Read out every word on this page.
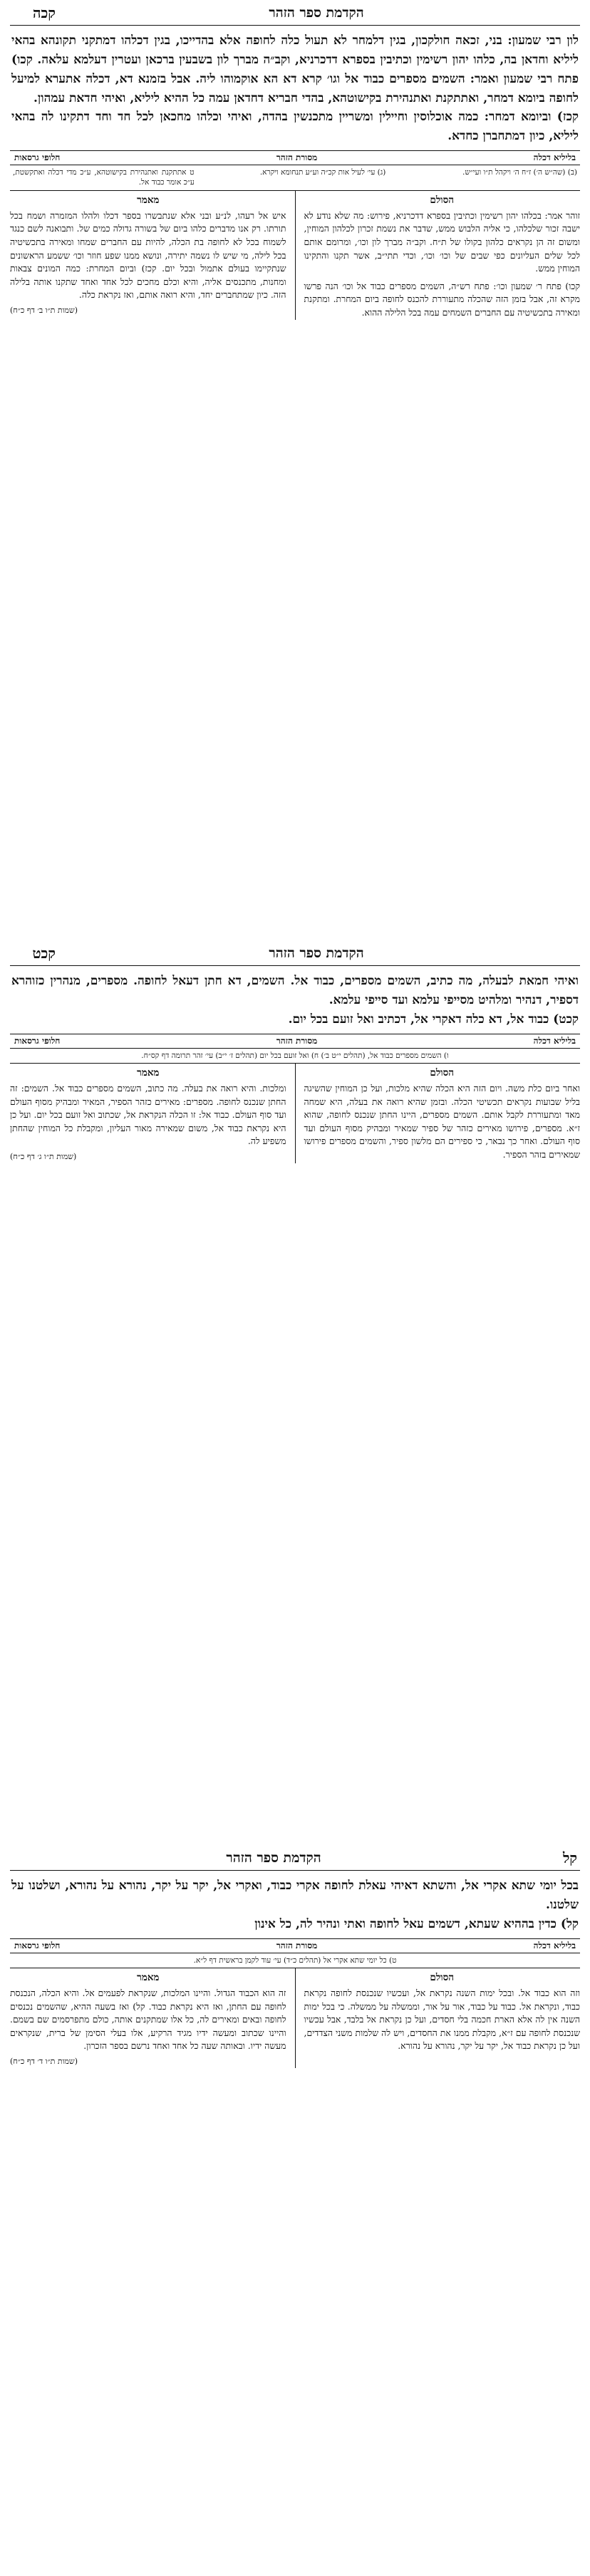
הקדמת ספר הזהר
קכה
לון רבי שמעון: בני, זכאה חולקכון, בגין דלמחר לא תעול כלה לחופה אלא בהדייכו, בגין דכלהו דמתקני תקונהא בהאי ליליא וחדאן בה, כלהו יהון רשימין וכתיבין בספרא דדכרניא, וקב״ה מברך לון בשבעין ברכאן ועטרין דעלמא עלאה. קכו) פתח רבי שמעון ואמר: השמים מספרים כבוד אל וגו׳ קרא דא הא אוקמוהו ליה. אבל בזמנא דא, דכלה אתערא למיעל לחופה ביומא דמחר, ואתתקנת ואתנהירת בקישוטהא, בהדי חבריא דחדאן עמה כל ההיא ליליא, ואיהי חדאת עמהון.
קכז) וביומא דמחר: כמה אוכלוסין וחיילין ומשריין מתכנשין בהדה, ואיהי וכלהו מחכאן לכל חד וחד דתקינו לה בהאי ליליא, כיון דמתחברן כחדא.
בליליא דכלה
מסורת הזהר
חלופי גרסאות
(ב) (שה״ש ה׳) ז״ח ה׳ ויקהל ת״ו ועי״ש.
(ג) עי׳ לעיל אות קכ״ה וע״ע תנחומא ויקרא.
ט אתתקנת ואתנהירת בקישוטהא, ע״כ מדי דכלה ואתקשטת, ע״כ אומר כבוד אל.
הסולם
זוהר אמר: בכלהו יהון רשימין וכתיבין בספרא דדכרניא, פירוש: מה שלא נודע לא ישבה זכור שלכלהו, כי אליה הלבוש ממש, שדבר את נשמת זכרון לכלהון המוחין, ומשום זה הן נקראים כלהון בקולו של ת״ח. וקב״ה מברך לון וכו׳, ומרומם אותם לכל שלים העליונים כפי שבים של וכו׳ וכו׳, וכדי תתי״ב, אשר תקנו והתקינו המוחין ממש.
קכו) פתח ר׳ שמעון וכו׳: פתח רש״ה, השמים מספרים כבוד אל וכו׳ הנה פרשו מקרא זה, אבל בזמן הזה שהכלה מתעוררת להכנס לחופה ביום המחרת. ומתקנת ומאירה בתכשיטיה עם החברים השמחים עמה בכל הלילה ההוא.
מאמר
איש אל רעהו, לנ״ע ובני אלא שנתבשרו בספר דכלו ולהלו המזמרה ושמח בכל תורתו. רק אנו מדברים כלהו ביום של בשורה גדולה כמים של. ותבואנה לשם כנגד לשמוח בכל לא לחופה בת הכלה, להיות עם החברים שמחו ומאירה בתכשיטיה בכל לילה, מי שיש לו נשמה יתירה, ונושא ממנו שפע חוזר וכו׳ ששמע הראשונים שנתקיימו בעולם אתמול ובכל יום. קכז) וביום המחרת: כמה המונים צבאות ומחנות, מתכנסים אליה, והיא וכלם מחכים לכל אחד ואחד שתקנו אותה בלילה הזה. כיון שמתחברים יחד, והיא רואה אותם, ואז נקראת כלה.
(שמות ת״ו ב׳ דף כ״ח)
הקדמת ספר הזהר
קכט
ואיהי חמאת לבעלה, מה כתיב, השמים מספרים, כבוד אל. השמים, דא חתן דעאל לחופה. מספרים, מנהרין כזוהרא דספיר, דנהיר ומלהיט מסייפי עלמא ועד סייפי עלמא.
קכט) כבוד אל, דא כלה דאקרי אל, דכתיב ואל זועם בכל יום.
בליליא דכלה
מסורת הזהר
חלופי גרסאות
ו) השמים מספרים כבוד אל, (תהלים י״ט ב׳) ח) ואל זועם בכל יום (תהלים ז׳ י״ב) עי׳ זהר תרומה דף קס״ח.
הסולם
ואחר ביום כלת משה. ויום הזה היא הכלה שהיא מלכות, ועל כן המוחין שהשיגה בליל שבועות נקראים תכשיטי הכלה. ובזמן שהיא רואה את בעלה, היא שמחה מאד ומתעוררת לקבל אותם. השמים מספרים, היינו החתן שנכנס לחופה, שהוא ז״א. מספרים, פירושו מאירים כזהר של ספיר שמאיר ומבהיק מסוף העולם ועד סוף העולם. ואחר כך נבאר, כי ספירים הם מלשון ספיר, והשמים מספרים פירושו שמאירים בזהר הספיר.
מאמר
ומלכות. והיא רואה את בעלה. מה כתוב, השמים מספרים כבוד אל. השמים: זה החתן שנכנס לחופה. מספרים: מאירים כזהר הספיר, המאיר ומבהיק מסוף העולם ועד סוף העולם. כבוד אל: זו הכלה הנקראת אל, שכתוב ואל זועם בכל יום. ועל כן היא נקראת כבוד אל, משום שמאירה מאור העליון, ומקבלת כל המוחין שהחתן משפיע לה.
(שמות ת״ו ג׳ דף כ״ח)
קל
הקדמת ספר הזהר
בכל יומי שתא אקרי אל, והשתא דאיהי עאלת לחופה אקרי כבוד, ואקרי אל, יקר על יקר, נהורא על נהורא, ושלטנו על שלטנו.
קל) כדין בההיא שעתא, דשמים עאל לחופה ואתי ונהיר לה, כל אינון
בליליא דכלה
מסורת הזהר
חלופי גרסאות
ט) כל יומי שתא אקרי אל (תהלים כ״ד) עי׳ עוד לקמן בראשית דף ל״א.
הסולם
וזה הוא כבוד אל. ובכל ימות השנה נקראת אל, ועכשיו שנכנסת לחופה נקראת כבוד, ונקראת אל. כבוד על כבוד, אור על אור, וממשלה על ממשלה. כי בכל ימות השנה אין לה אלא הארת חכמה בלי חסדים, ועל כן נקראת אל בלבד, אבל עכשיו שנכנסת לחופה עם ז״א, מקבלת ממנו את החסדים, ויש לה שלמות משני הצדדים, ועל כן נקראת כבוד אל, יקר על יקר, נהורא על נהורא.
מאמר
זה הוא הכבוד הגדול. והיינו המלכות, שנקראת לפעמים אל. והיא הכלה, הנכנסת לחופה עם החתן, ואז היא נקראת כבוד. קל) ואז בשעה ההיא, שהשמים נכנסים לחופה ובאים ומאירים לה, כל אלו שמתקנים אותה, כולם מתפרסמים שם בשמם. והיינו שכתוב ומעשה ידיו מגיד הרקיע, אלו בעלי הסימן של ברית, שנקראים מעשה ידיו. ובאותה שעה כל אחד ואחד נרשם בספר הזכרון.
(שמות ת״ו ד׳ דף כ״ח)
